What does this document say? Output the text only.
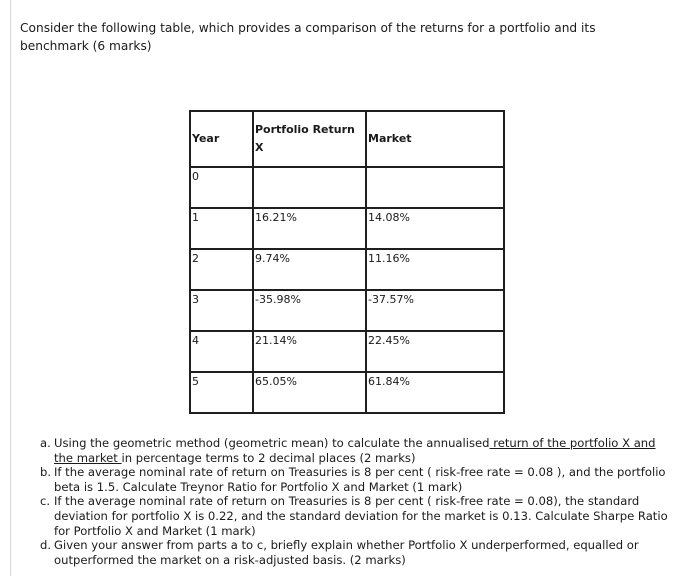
Consider the following table, which provides a comparison of the returns for a portfolio and its benchmark (6 marks)
Year	Portfolio Return X	Market

0		

1	16.21%	14.08%

2	9.74%	11.16%

3	-35.98%	-37.57%

4	21.14%	22.45%

5	65.05%	61.84%
a. Using the geometric method (geometric mean) to calculate the annualised return of the portfolio X and the market in percentage terms to 2 decimal places (2 marks)
b. If the average nominal rate of return on Treasuries is 8 per cent ( risk-free rate = 0.08 ), and the portfolio beta is 1.5. Calculate Treynor Ratio for Portfolio X and Market (1 mark)
c. If the average nominal rate of return on Treasuries is 8 per cent ( risk-free rate = 0.08), the standard deviation for portfolio X is 0.22, and the standard deviation for the market is 0.13. Calculate Sharpe Ratio for Portfolio X and Market (1 mark)
d. Given your answer from parts a to c, briefly explain whether Portfolio X underperformed, equalled or outperformed the market on a risk-adjusted basis. (2 marks)
